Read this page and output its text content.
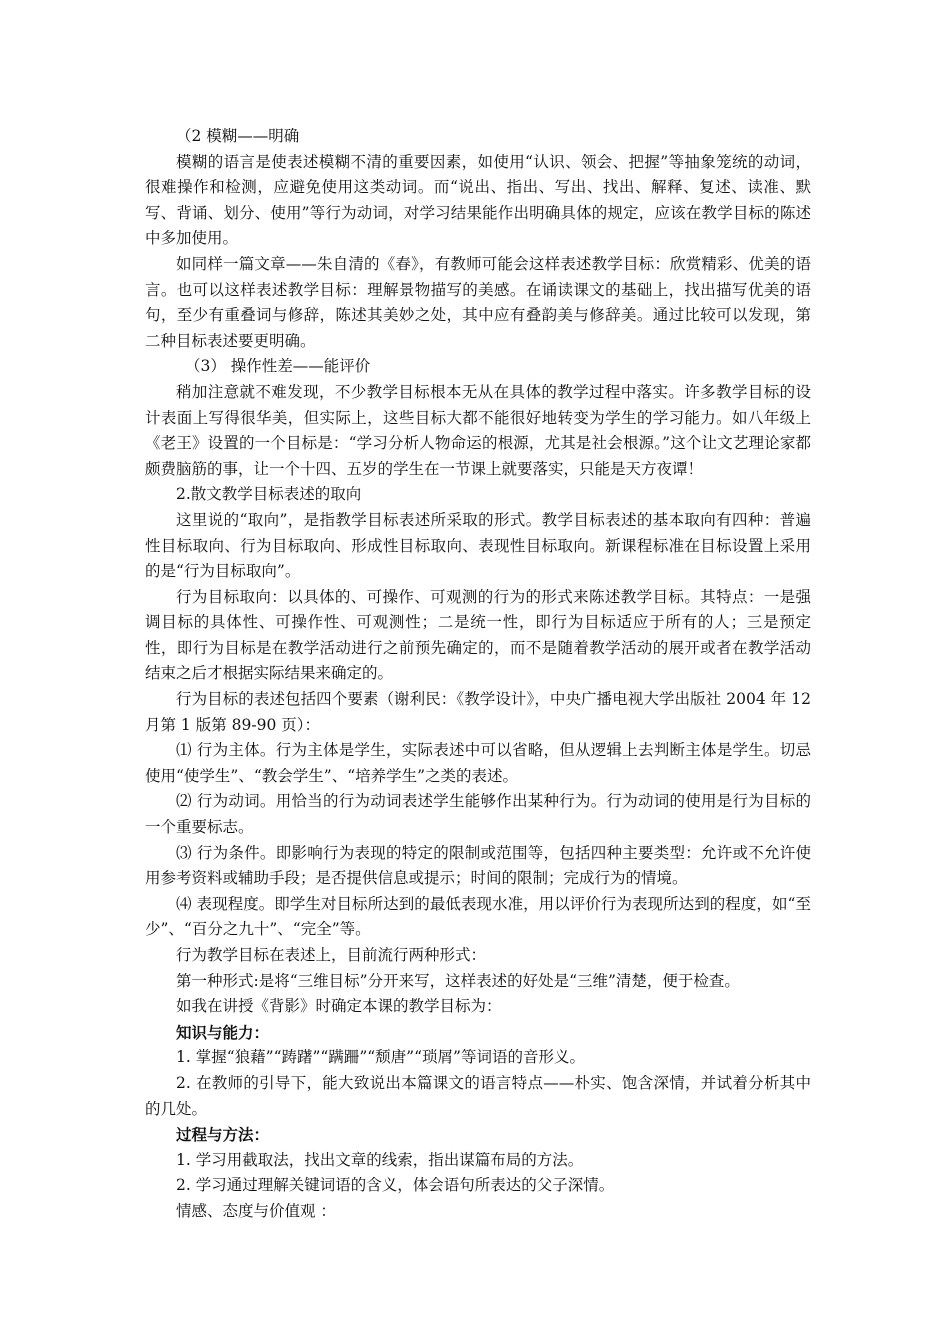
（2 模糊——明确

模糊的语言是使表述模糊不清的重要因素，如使用“认识、领会、把握”等抽象笼统的动词，很难操作和检测，应避免使用这类动词。而“说出、指出、写出、找出、解释、复述、读准、默写、背诵、划分、使用”等行为动词，对学习结果能作出明确具体的规定，应该在教学目标的陈述中多加使用。

如同样一篇文章——朱自清的《春》，有教师可能会这样表述教学目标：欣赏精彩、优美的语言。也可以这样表述教学目标：理解景物描写的美感。在诵读课文的基础上，找出描写优美的语句，至少有重叠词与修辞，陈述其美妙之处，其中应有叠韵美与修辞美。通过比较可以发现，第二种目标表述要更明确。

（3） 操作性差——能评价

稍加注意就不难发现，不少教学目标根本无从在具体的教学过程中落实。许多教学目标的设计表面上写得很华美，但实际上，这些目标大都不能很好地转变为学生的学习能力。如八年级上《老王》设置的一个目标是：“学习分析人物命运的根源，尤其是社会根源。”这个让文艺理论家都颇费脑筋的事，让一个十四、五岁的学生在一节课上就要落实，只能是天方夜谭！

2.散文教学目标表述的取向

这里说的“取向”，是指教学目标表述所采取的形式。教学目标表述的基本取向有四种：普遍性目标取向、行为目标取向、形成性目标取向、表现性目标取向。新课程标准在目标设置上采用的是“行为目标取向”。

行为目标取向：以具体的、可操作、可观测的行为的形式来陈述教学目标。其特点：一是强调目标的具体性、可操作性、可观测性；二是统一性，即行为目标适应于所有的人；三是预定性，即行为目标是在教学活动进行之前预先确定的，而不是随着教学活动的展开或者在教学活动结束之后才根据实际结果来确定的。

行为目标的表述包括四个要素（谢利民：《教学设计》，中央广播电视大学出版社 2004 年 12 月第 1 版第 89-90 页）：

⑴ 行为主体。行为主体是学生，实际表述中可以省略，但从逻辑上去判断主体是学生。切忌使用“使学生”、“教会学生”、“培养学生”之类的表述。

⑵ 行为动词。用恰当的行为动词表述学生能够作出某种行为。行为动词的使用是行为目标的一个重要标志。

⑶ 行为条件。即影响行为表现的特定的限制或范围等，包括四种主要类型：允许或不允许使用参考资料或辅助手段；是否提供信息或提示；时间的限制；完成行为的情境。

⑷ 表现程度。即学生对目标所达到的最低表现水准，用以评价行为表现所达到的程度，如“至少”、“百分之九十”、“完全”等。

行为教学目标在表述上，目前流行两种形式：

第一种形式:是将“三维目标”分开来写，这样表述的好处是“三维”清楚，便于检查。

如我在讲授《背影》时确定本课的教学目标为：

知识与能力：

1. 掌握“狼藉”“踌躇”“蹒跚”“颓唐”“琐屑”等词语的音形义。

2. 在教师的引导下，能大致说出本篇课文的语言特点——朴实、饱含深情，并试着分析其中的几处。

过程与方法：

1. 学习用截取法，找出文章的线索，指出谋篇布局的方法。

2. 学习通过理解关键词语的含义，体会语句所表达的父子深情。

情感、态度与价值观 ：
